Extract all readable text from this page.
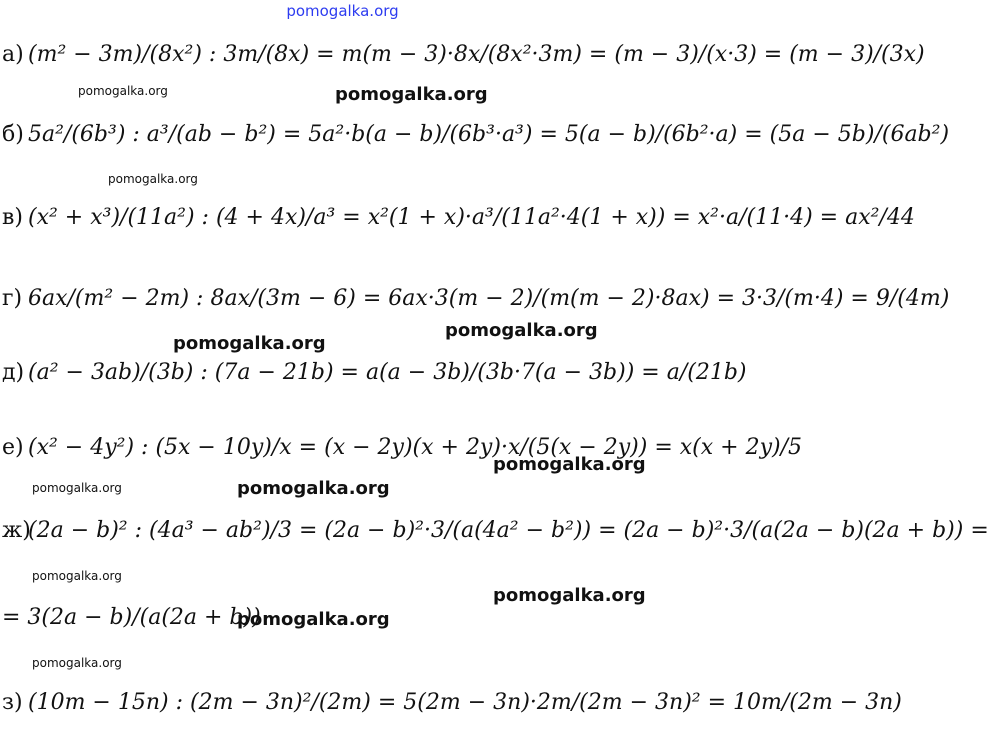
pomogalka.org
а) (m² − 3m)/(8x²) : 3m/(8x) = m(m − 3)·8x/(8x²·3m) = (m − 3)/(x·3) = (m − 3)/(3x)
б) 5a²/(6b³) : a³/(ab − b²) = 5a²·b(a − b)/(6b³·a³) = 5(a − b)/(6b²·a) = (5a − 5b)/(6ab²)
в) (x² + x³)/(11a²) : (4 + 4x)/a³ = x²(1 + x)·a³/(11a²·4(1 + x)) = x²·a/(11·4) = ax²/44
г) 6ax/(m² − 2m) : 8ax/(3m − 6) = 6ax·3(m − 2)/(m(m − 2)·8ax) = 3·3/(m·4) = 9/(4m)
д) (a² − 3ab)/(3b) : (7a − 21b) = a(a − 3b)/(3b·7(a − 3b)) = a/(21b)
е) (x² − 4y²) : (5x − 10y)/x = (x − 2y)(x + 2y)·x/(5(x − 2y)) = x(x + 2y)/5
ж)
(2a − b)² : (4a³ − ab²)/3 = (2a − b)²·3/(a(4a² − b²)) = (2a − b)²·3/(a(2a − b)(2a + b)) =
= 3(2a − b)/(a(2a + b))
з) (10m − 15n) : (2m − 3n)²/(2m) = 5(2m − 3n)·2m/(2m − 3n)² = 10m/(2m − 3n)
pomogalka.org	pomogalka.org
pomogalka.org
pomogalka.org
pomogalka.org
pomogalka.org
pomogalka.org	pomogalka.org
pomogalka.org
pomogalka.org
pomogalka.org
pomogalka.org
